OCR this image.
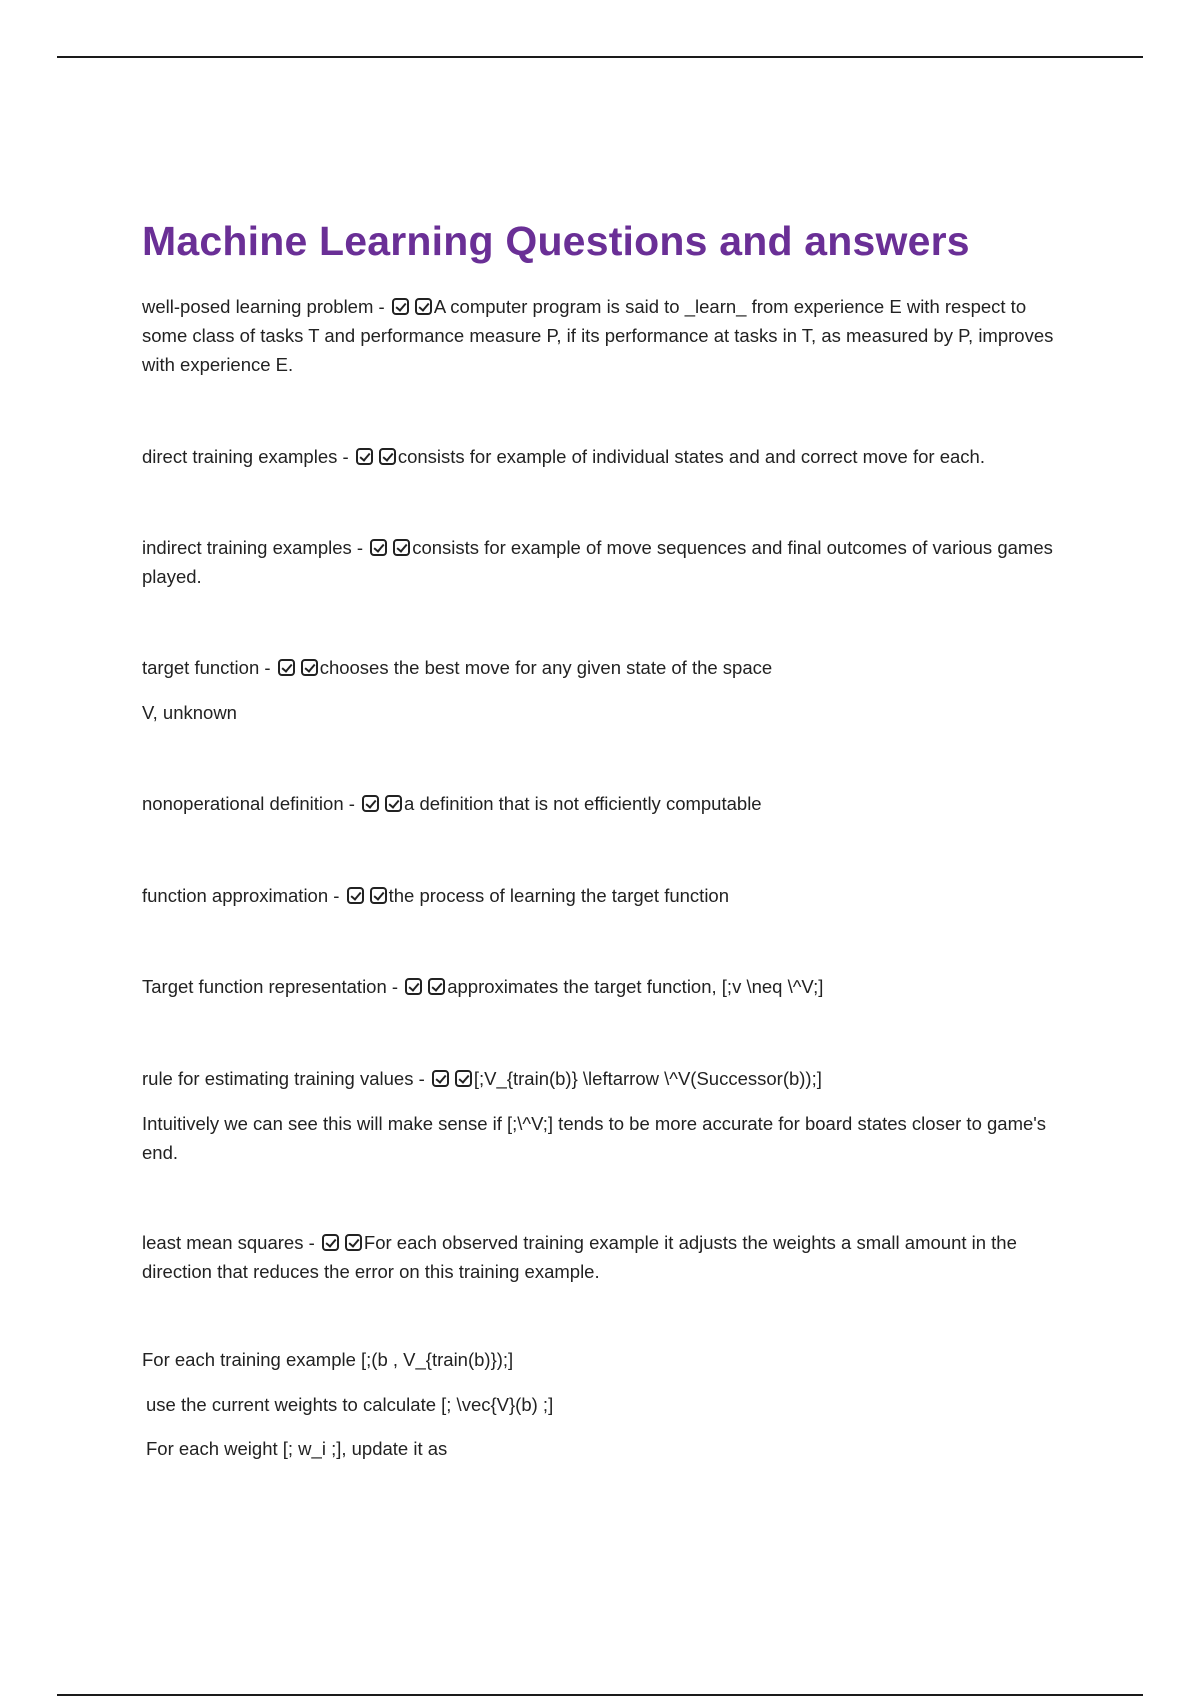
Machine Learning Questions and answers

well-posed learning problem - A computer program is said to _learn_ from experience E with respect to some class of tasks T and performance measure P, if its performance at tasks in T, as measured by P, improves with experience E.

direct training examples - consists for example of individual states and and correct move for each.

indirect training examples - consists for example of move sequences and final outcomes of various games played.

target function - chooses the best move for any given state of the space

V, unknown

nonoperational definition - a definition that is not efficiently computable

function approximation - the process of learning the target function

Target function representation - approximates the target function, [;v \neq \^V;]

rule for estimating training values - [;V_{train(b)} \leftarrow \^V(Successor(b));]

Intuitively we can see this will make sense if [;\^V;] tends to be more accurate for board states closer to game's end.

least mean squares - For each observed training example it adjusts the weights a small amount in the direction that reduces the error on this training example.

For each training example [;(b , V_{train(b)});]

use the current weights to calculate [; \vec{V}(b) ;]

For each weight [; w_i ;], update it as
